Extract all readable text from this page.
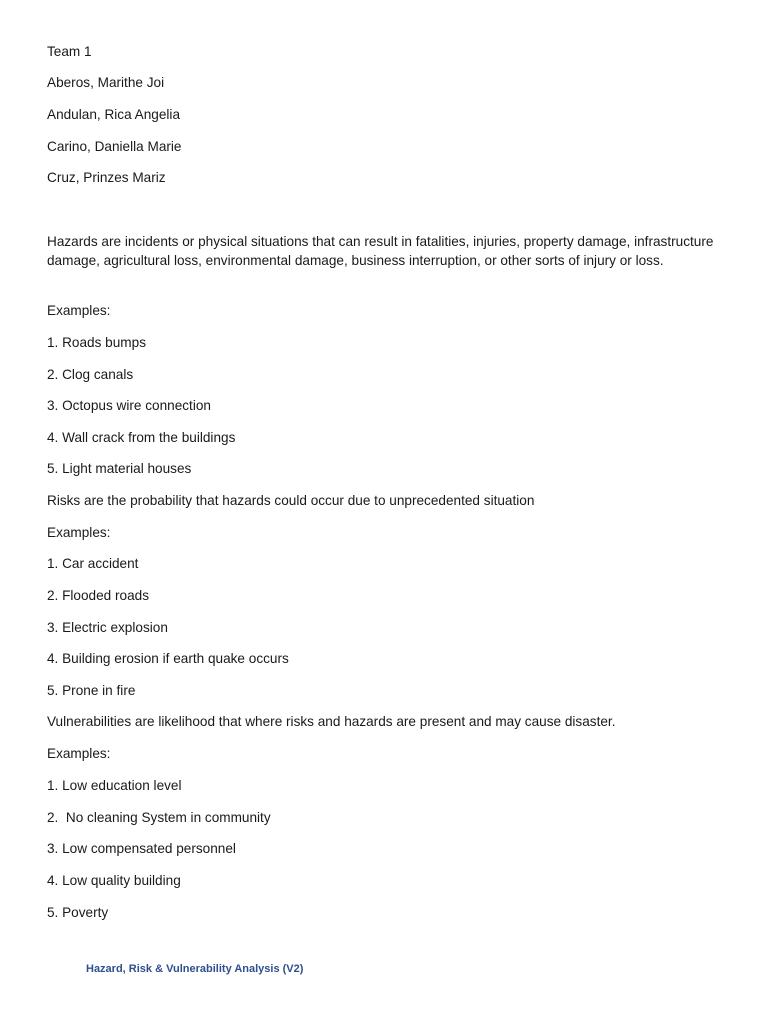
Team 1
Aberos, Marithe Joi
Andulan, Rica Angelia
Carino, Daniella Marie
Cruz, Prinzes Mariz
Hazards are incidents or physical situations that can result in fatalities, injuries, property damage, infrastructure damage, agricultural loss, environmental damage, business interruption, or other sorts of injury or loss.
Examples:
1. Roads bumps
2. Clog canals
3. Octopus wire connection
4. Wall crack from the buildings
5. Light material houses
Risks are the probability that hazards could occur due to unprecedented situation
Examples:
1. Car accident
2. Flooded roads
3. Electric explosion
4. Building erosion if earth quake occurs
5. Prone in fire
Vulnerabilities are likelihood that where risks and hazards are present and may cause disaster.
Examples:
1. Low education level
2.  No cleaning System in community
3. Low compensated personnel
4. Low quality building
5. Poverty
Hazard, Risk & Vulnerability Analysis (V2)
